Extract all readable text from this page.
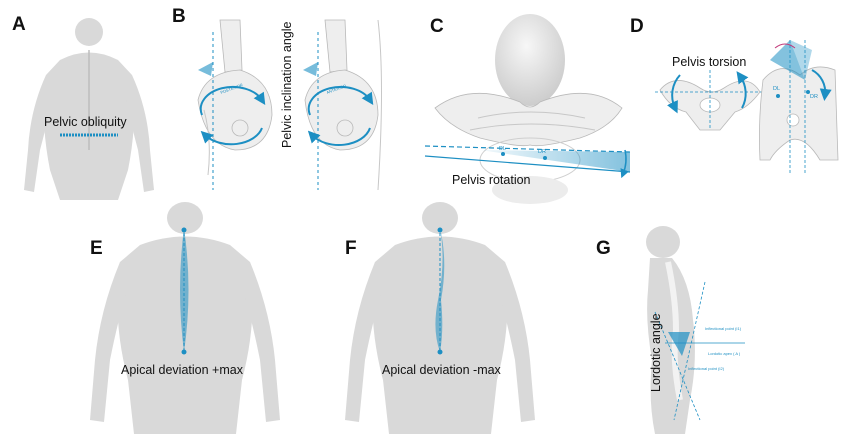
A
Pelvic obliquity
B
POSTERIOR	ANTERIOR
Pelvic inclination angle	C
DL	DR
Pelvis rotation
D
Pelvis torsion
DL
DR
E
Apical deviation +max
F
Apical deviation -max
G
Inflectional point (I1)
Lordotic apex ( A )
Inflectional point (I2)
Lordotic angle
